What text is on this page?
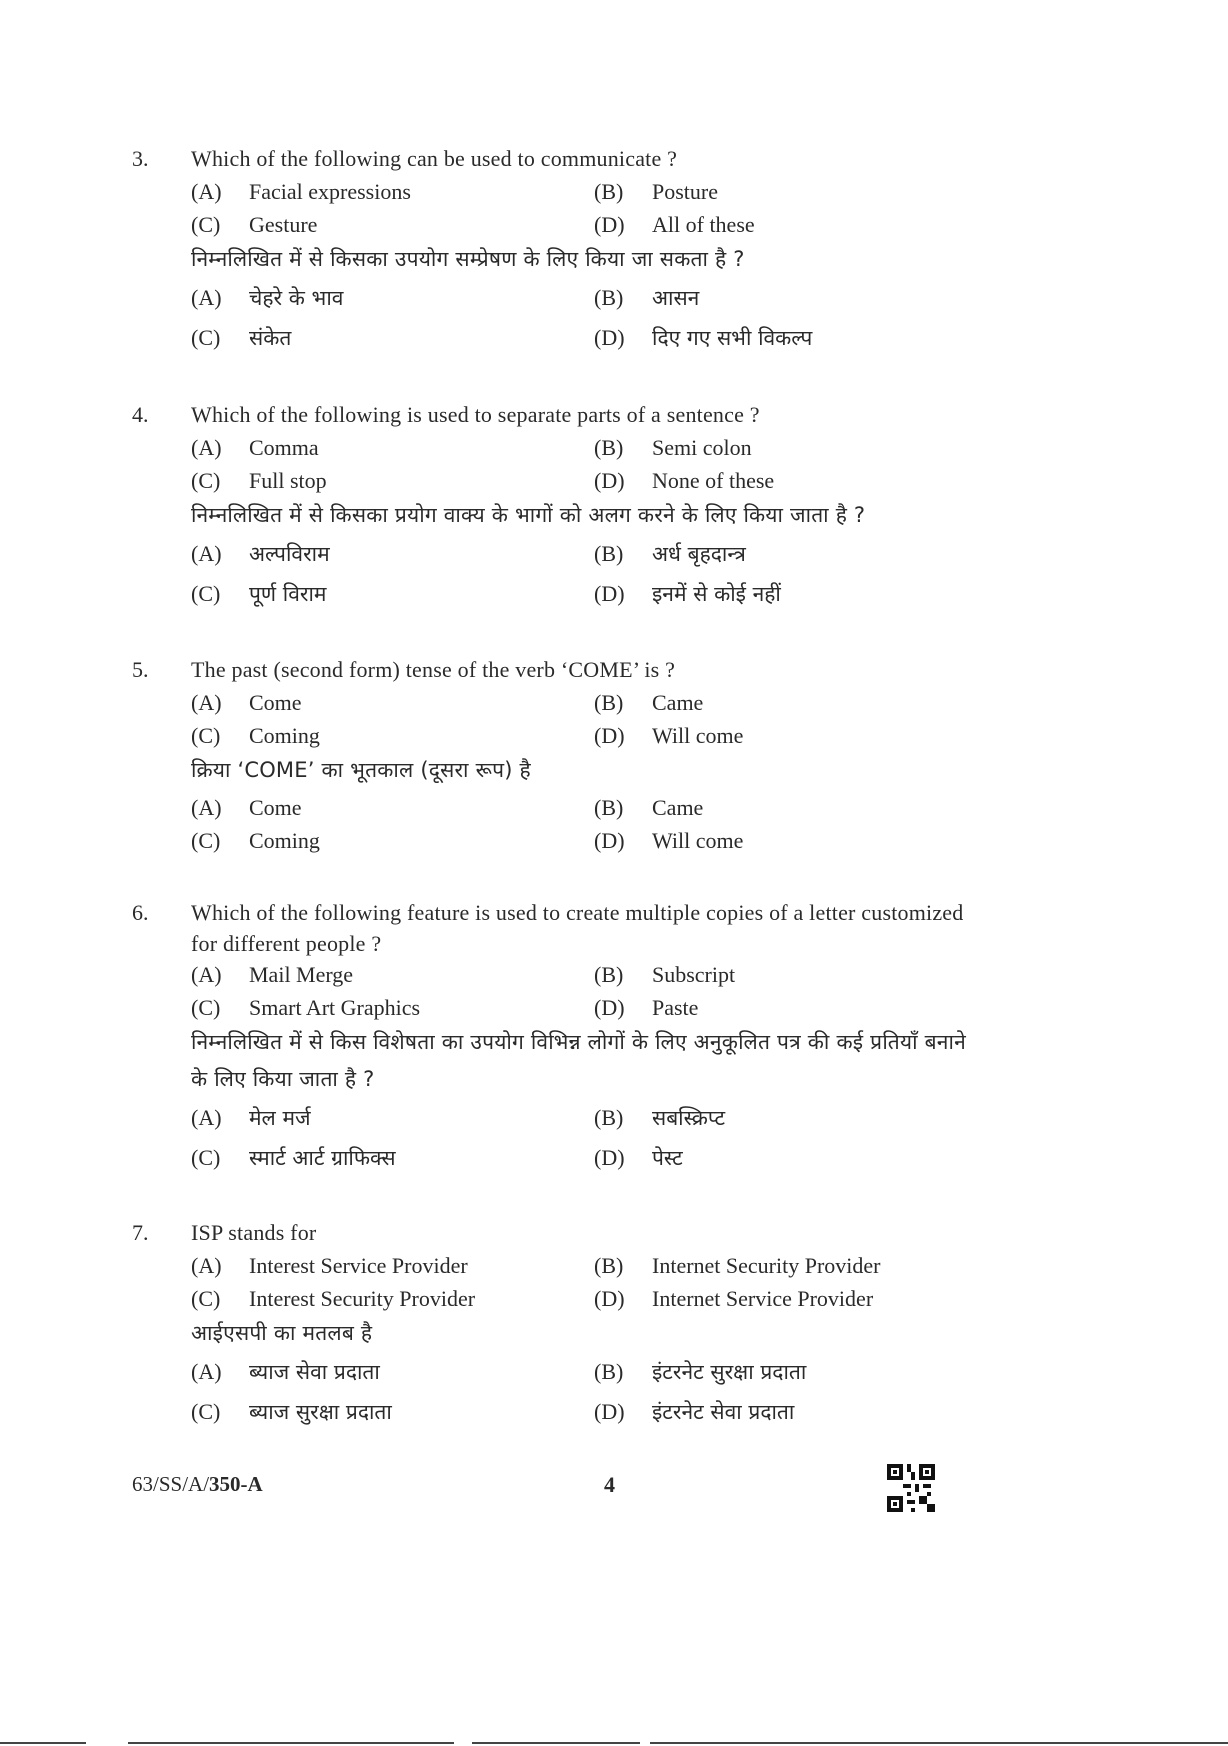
3. Which of the following can be used to communicate ?
(A) Facial expressions	(B) Posture
(C) Gesture	(D) All of these
निम्नलिखित में से किसका उपयोग सम्प्रेषण के लिए किया जा सकता है ?
(A) चेहरे के भाव	(B) आसन
(C) संकेत	(D) दिए गए सभी विकल्प
4. Which of the following is used to separate parts of a sentence ?
(A) Comma	(B) Semi colon
(C) Full stop	(D) None of these
निम्नलिखित में से किसका प्रयोग वाक्य के भागों को अलग करने के लिए किया जाता है ?
(A) अल्पविराम	(B) अर्ध बृहदान्त्र
(C) पूर्ण विराम	(D) इनमें से कोई नहीं
5. The past (second form) tense of the verb ‘COME’ is ?
(A) Come	(B) Came
(C) Coming	(D) Will come
क्रिया ‘COME’ का भूतकाल (दूसरा रूप) है
(A) Come	(B) Came
(C) Coming	(D) Will come
6. Which of the following feature is used to create multiple copies of a letter customized
for different people ?
(A) Mail Merge	(B) Subscript
(C) Smart Art Graphics	(D) Paste
निम्नलिखित में से किस विशेषता का उपयोग विभिन्न लोगों के लिए अनुकूलित पत्र की कई प्रतियाँ बनाने
के लिए किया जाता है ?
(A) मेल मर्ज	(B) सबस्क्रिप्ट
(C) स्मार्ट आर्ट ग्राफिक्स	(D) पेस्ट
7. ISP stands for
(A) Interest Service Provider	(B) Internet Security Provider
(C) Interest Security Provider	(D) Internet Service Provider
आईएसपी का मतलब है
(A) ब्याज सेवा प्रदाता	(B) इंटरनेट सुरक्षा प्रदाता
(C) ब्याज सुरक्षा प्रदाता	(D) इंटरनेट सेवा प्रदाता
63/SS/A/350-A	4
